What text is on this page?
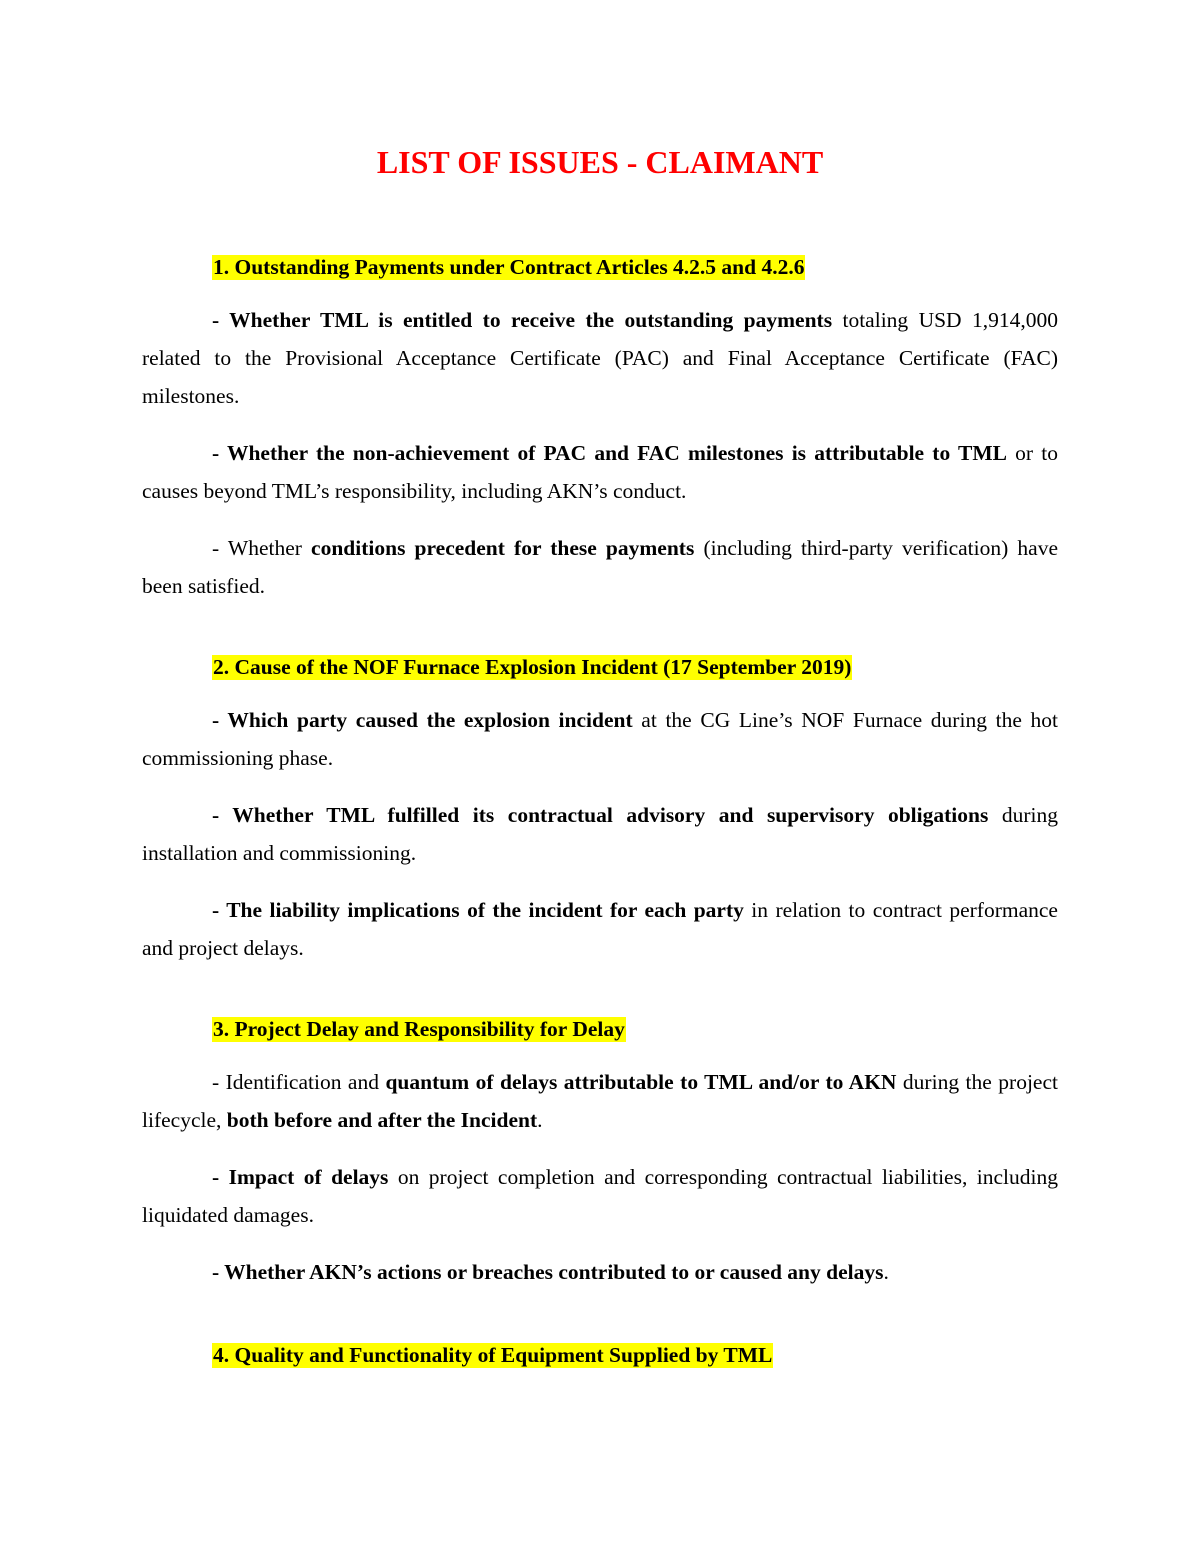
LIST OF ISSUES - CLAIMANT

1. Outstanding Payments under Contract Articles 4.2.5 and 4.2.6

- Whether TML is entitled to receive the outstanding payments totaling USD 1,914,000 related to the Provisional Acceptance Certificate (PAC) and Final Acceptance Certificate (FAC) milestones.

- Whether the non-achievement of PAC and FAC milestones is attributable to TML or to causes beyond TML’s responsibility, including AKN’s conduct.

- Whether conditions precedent for these payments (including third-party verification) have been satisfied.

2. Cause of the NOF Furnace Explosion Incident (17 September 2019)

- Which party caused the explosion incident at the CG Line’s NOF Furnace during the hot commissioning phase.

- Whether TML fulfilled its contractual advisory and supervisory obligations during installation and commissioning.

- The liability implications of the incident for each party in relation to contract performance and project delays.

3. Project Delay and Responsibility for Delay

- Identification and quantum of delays attributable to TML and/or to AKN during the project lifecycle, both before and after the Incident.

- Impact of delays on project completion and corresponding contractual liabilities, including liquidated damages.

- Whether AKN’s actions or breaches contributed to or caused any delays.

4. Quality and Functionality of Equipment Supplied by TML
